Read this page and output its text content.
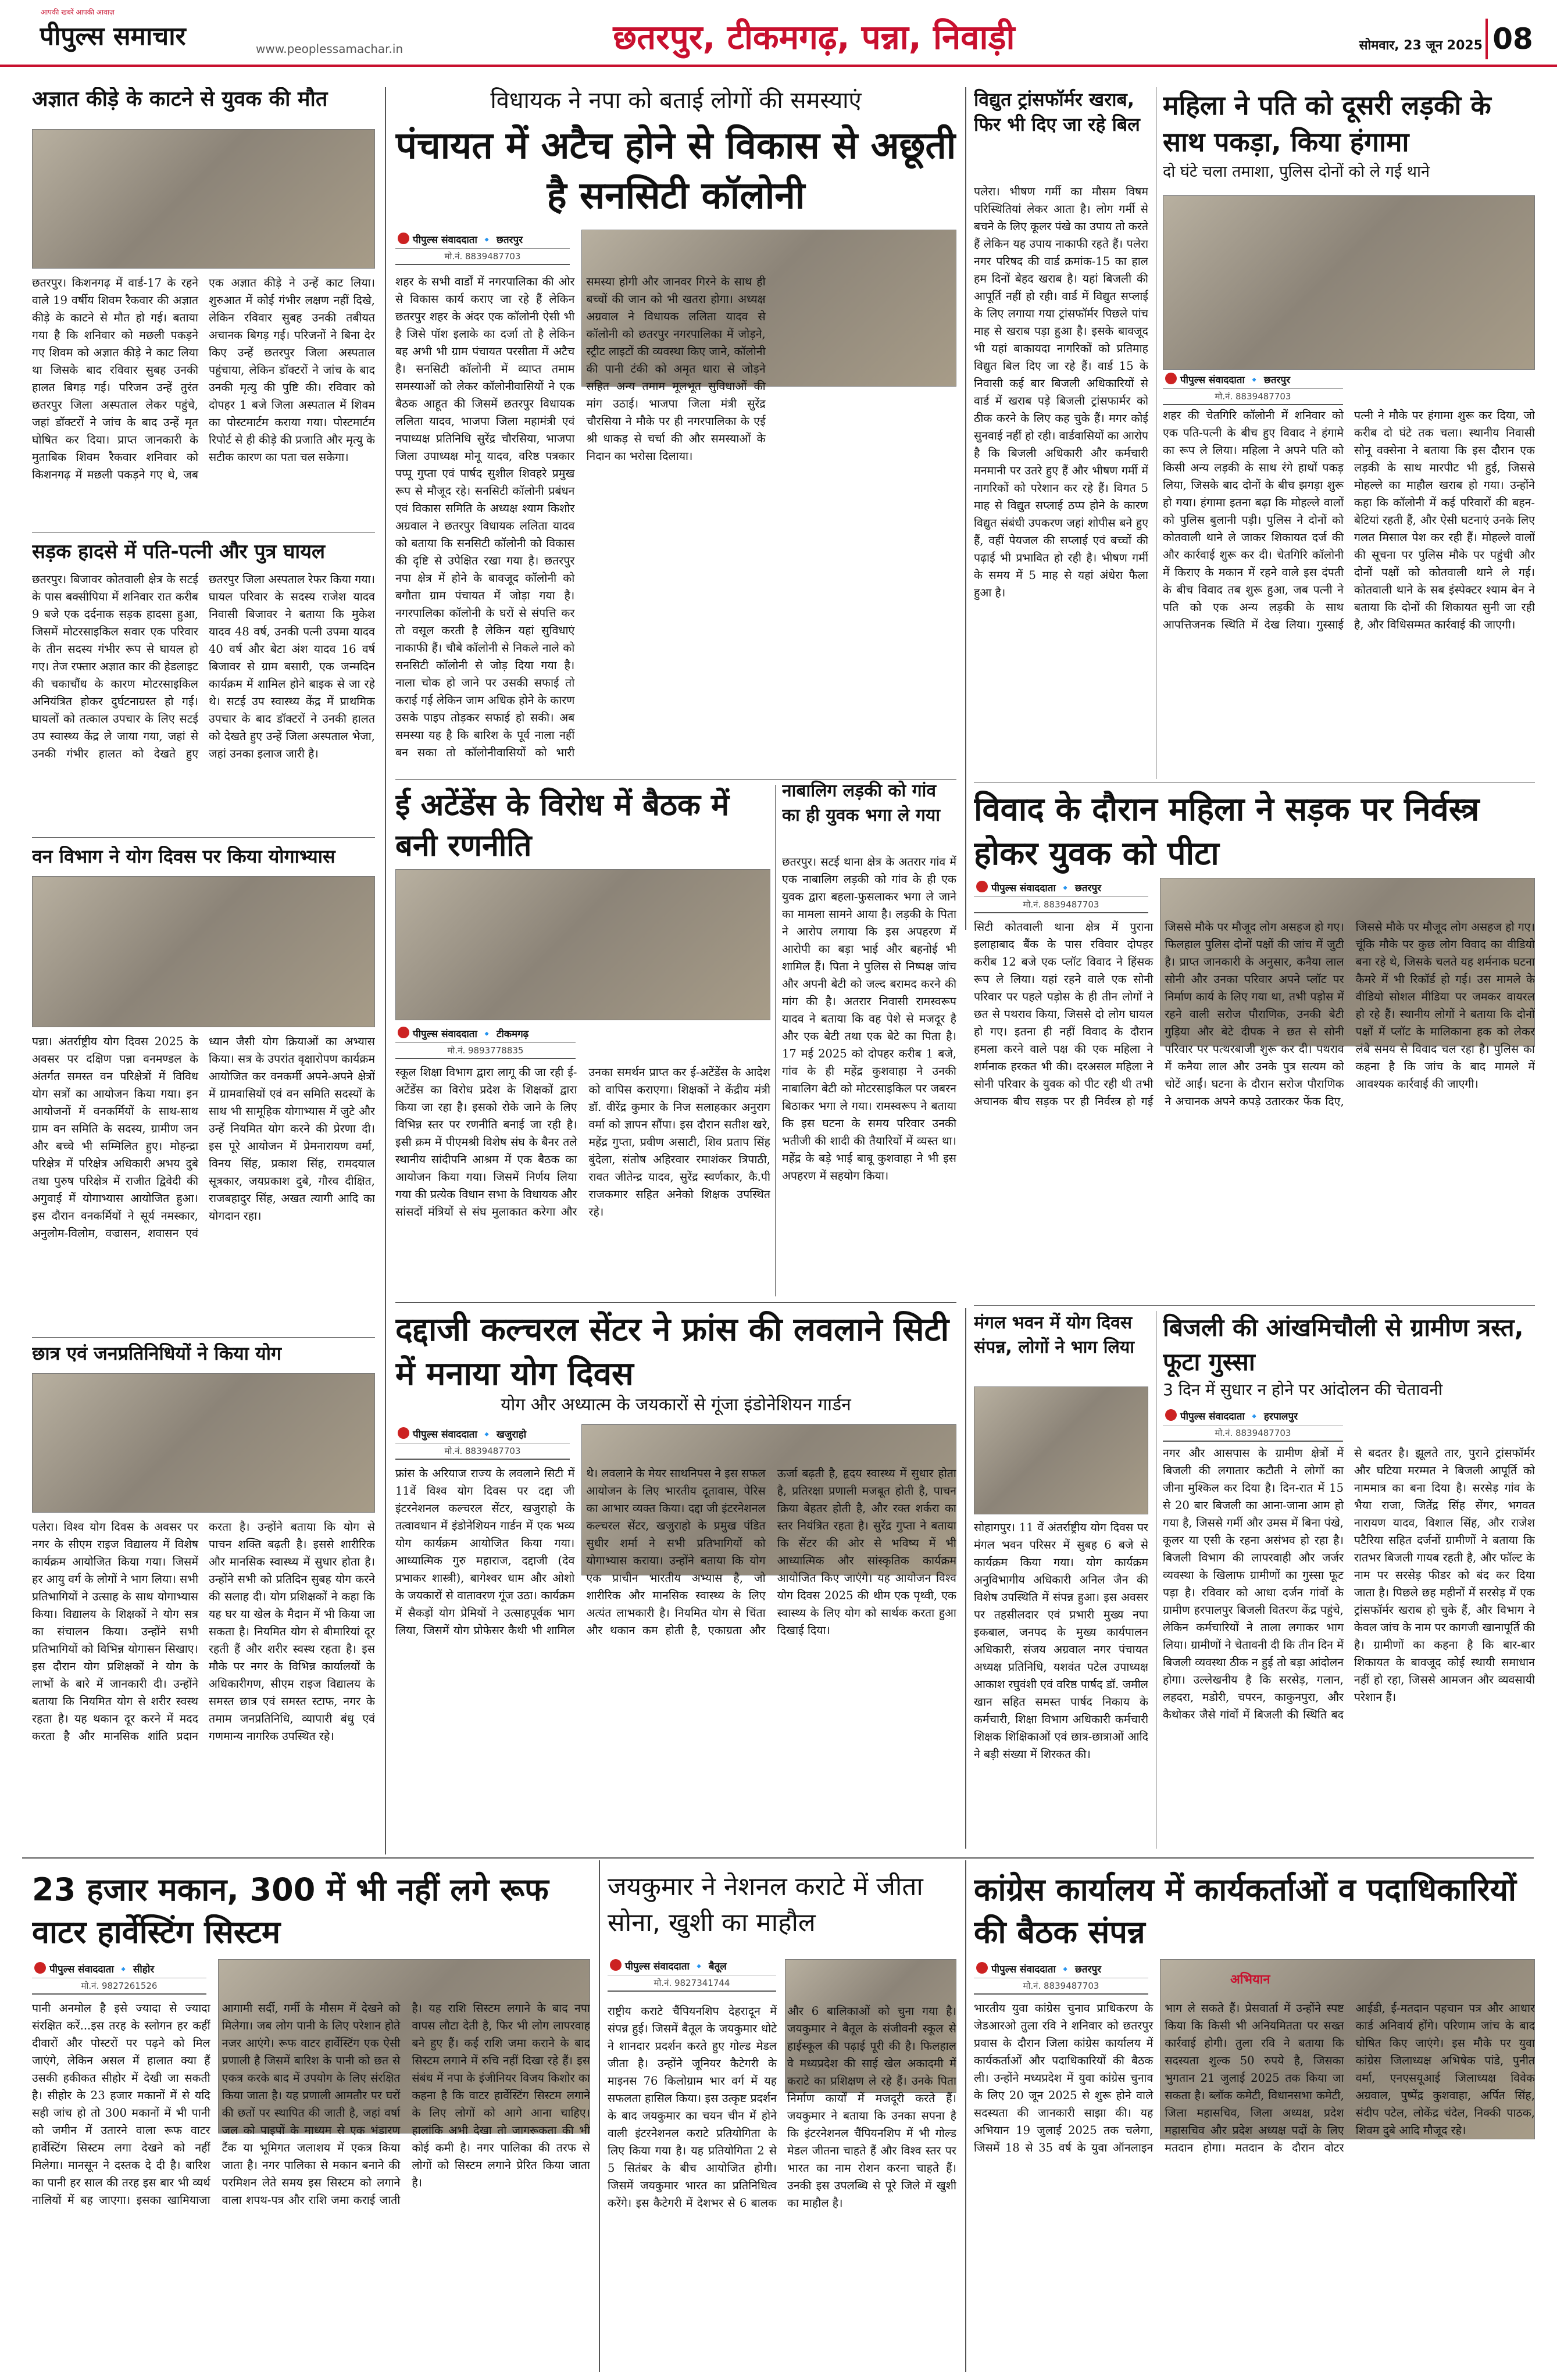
पीपुल्स समाचार
आपकी खबरें आपकी आवाज़
www.peoplessamachar.in	छतरपुर, टीकमगढ़, पन्ना, निवाड़ी	सोमवार, 23 जून 2025 08
अज्ञात कीड़े के काटने से युवक की मौत
छतरपुर। किशनगढ़ में वार्ड-17 के रहने वाले 19 वर्षीय शिवम रैकवार की अज्ञात कीड़े के काटने से मौत हो गई। बताया गया है कि शनिवार को मछली पकड़ने गए शिवम को अज्ञात कीड़े ने काट लिया था जिसके बाद रविवार सुबह उनकी हालत बिगड़ गई। परिजन उन्हें तुरंत छतरपुर जिला अस्पताल लेकर पहुंचे, जहां डॉक्टरों ने जांच के बाद उन्हें मृत घोषित कर दिया। प्राप्त जानकारी के मुताबिक शिवम रैकवार शनिवार को किशनगढ़ में मछली पकड़ने गए थे, जब एक अज्ञात कीड़े ने उन्हें काट लिया। शुरुआत में कोई गंभीर लक्षण नहीं दिखे, लेकिन रविवार सुबह उनकी तबीयत अचानक बिगड़ गई। परिजनों ने बिना देर किए उन्हें छतरपुर जिला अस्पताल पहुंचाया, लेकिन डॉक्टरों ने जांच के बाद उनकी मृत्यु की पुष्टि की। रविवार को दोपहर 1 बजे जिला अस्पताल में शिवम का पोस्टमार्टम कराया गया। पोस्टमार्टम रिपोर्ट से ही कीड़े की प्रजाति और मृत्यु के सटीक कारण का पता चल सकेगा।
सड़क हादसे में पति-पत्नी और पुत्र घायल
छतरपुर। बिजावर कोतवाली क्षेत्र के सटई के पास बक्सीपिया में शनिवार रात करीब 9 बजे एक दर्दनाक सड़क हादसा हुआ, जिसमें मोटरसाइकिल सवार एक परिवार के तीन सदस्य गंभीर रूप से घायल हो गए। तेज रफ्तार अज्ञात कार की हेडलाइट की चकाचौंध के कारण मोटरसाइकिल अनियंत्रित होकर दुर्घटनाग्रस्त हो गई। घायलों को तत्काल उपचार के लिए सटई उप स्वास्थ्य केंद्र ले जाया गया, जहां से उनकी गंभीर हालत को देखते हुए छतरपुर जिला अस्पताल रेफर किया गया। घायल परिवार के सदस्य राजेश यादव निवासी बिजावर ने बताया कि मुकेश यादव 48 वर्ष, उनकी पत्नी उपमा यादव 40 वर्ष और बेटा अंश यादव 16 वर्ष बिजावर से ग्राम बसारी, एक जन्मदिन कार्यक्रम में शामिल होने बाइक से जा रहे थे। सटई उप स्वास्थ्य केंद्र में प्राथमिक उपचार के बाद डॉक्टरों ने उनकी हालत को देखते हुए उन्हें जिला अस्पताल भेजा, जहां उनका इलाज जारी है।
वन विभाग ने योग दिवस पर किया योगाभ्यास
पन्ना। अंतर्राष्ट्रीय योग दिवस 2025 के अवसर पर दक्षिण पन्ना वनमण्डल के अंतर्गत समस्त वन परिक्षेत्रों में विविध योग सत्रों का आयोजन किया गया। इन आयोजनों में वनकर्मियों के साथ-साथ ग्राम वन समिति के सदस्य, ग्रामीण जन और बच्चे भी सम्मिलित हुए। मोहन्द्रा परिक्षेत्र में परिक्षेत्र अधिकारी अभय दुबे तथा पुरुष परिक्षेत्र में राजीत द्विवेदी की अगुवाई में योगाभ्यास आयोजित हुआ। इस दौरान वनकर्मियों ने सूर्य नमस्कार, अनुलोम-विलोम, वज्रासन, शवासन एवं ध्यान जैसी योग क्रियाओं का अभ्यास किया। सत्र के उपरांत वृक्षारोपण कार्यक्रम आयोजित कर वनकर्मी अपने-अपने क्षेत्रों में ग्रामवासियों एवं वन समिति सदस्यों के साथ भी सामूहिक योगाभ्यास में जुटे और उन्हें नियमित योग करने की प्रेरणा दी। इस पूरे आयोजन में प्रेमनारायण वर्मा, विनय सिंह, प्रकाश सिंह, रामदयाल सूत्रकार, जयप्रकाश दुबे, गौरव दीक्षित, राजबहादुर सिंह, अखत त्यागी आदि का योगदान रहा।
छात्र एवं जनप्रतिनिधियों ने किया योग
पलेरा। विश्व योग दिवस के अवसर पर नगर के सीएम राइज विद्यालय में विशेष कार्यक्रम आयोजित किया गया। जिसमें हर आयु वर्ग के लोगों ने भाग लिया। सभी प्रतिभागियों ने उत्साह के साथ योगाभ्यास किया। विद्यालय के शिक्षकों ने योग सत्र का संचालन किया। उन्होंने सभी प्रतिभागियों को विभिन्न योगासन सिखाए। इस दौरान योग प्रशिक्षकों ने योग के लाभों के बारे में जानकारी दी। उन्होंने बताया कि नियमित योग से शरीर स्वस्थ रहता है। यह थकान दूर करने में मदद करता है और मानसिक शांति प्रदान करता है। उन्होंने बताया कि योग से पाचन शक्ति बढ़ती है। इससे शारीरिक और मानसिक स्वास्थ्य में सुधार होता है। उन्होंने सभी को प्रतिदिन सुबह योग करने की सलाह दी। योग प्रशिक्षकों ने कहा कि यह घर या खेल के मैदान में भी किया जा सकता है। नियमित योग से बीमारियां दूर रहती हैं और शरीर स्वस्थ रहता है। इस मौके पर नगर के विभिन्न कार्यालयों के अधिकारीगण, सीएम राइज विद्यालय के समस्त छात्र एवं समस्त स्टाफ, नगर के तमाम जनप्रतिनिधि, व्यापारी बंधु एवं गणमान्य नागरिक उपस्थित रहे।
विधायक ने नपा को बताई लोगों की समस्याएं
पंचायत में अटैच होने से विकास से अछूती है सनसिटी कॉलोनी
पीपुल्स संवाददाता 🔹 छतरपुर
मो.नं. 8839487703
शहर के सभी वार्डों में नगरपालिका की ओर से विकास कार्य कराए जा रहे हैं लेकिन छतरपुर शहर के अंदर एक कॉलोनी ऐसी भी है जिसे पॉश इलाके का दर्जा तो है लेकिन बह अभी भी ग्राम पंचायत परसीता में अटैच है। सनसिटी कॉलोनी में व्याप्त तमाम समस्याओं को लेकर कॉलोनीवासियों ने एक बैठक आहूत की जिसमें छतरपुर विधायक ललिता यादव, भाजपा जिला महामंत्री एवं नपाध्यक्ष प्रतिनिधि सुरेंद्र चौरसिया, भाजपा जिला उपाध्यक्ष मोनू यादव, वरिष्ठ पत्रकार पप्पू गुप्ता एवं पार्षद सुशील शिवहरे प्रमुख रूप से मौजूद रहे। सनसिटी कॉलोनी प्रबंधन एवं विकास समिति के अध्यक्ष श्याम किशोर अग्रवाल ने छतरपुर विधायक ललिता यादव को बताया कि सनसिटी कॉलोनी को विकास की दृष्टि से उपेक्षित रखा गया है। छतरपुर नपा क्षेत्र में होने के बावजूद कॉलोनी को बगौता ग्राम पंचायत में जोड़ा गया है। नगरपालिका कॉलोनी के घरों से संपत्ति कर तो वसूल करती है लेकिन यहां सुविधाएं नाकाफी हैं। चौबे कॉलोनी से निकले नाले को सनसिटी कॉलोनी से जोड़ दिया गया है। नाला चोक हो जाने पर उसकी सफाई तो कराई गई लेकिन जाम अधिक होने के कारण उसके पाइप तोड़कर सफाई हो सकी। अब समस्या यह है कि बारिश के पूर्व नाला नहीं बन सका तो कॉलोनीवासियों को भारी समस्या होगी और जानवर गिरने के साथ ही बच्चों की जान को भी खतरा होगा। अध्यक्ष अग्रवाल ने विधायक ललिता यादव से कॉलोनी को छतरपुर नगरपालिका में जोड़ने, स्ट्रीट लाइटों की व्यवस्था किए जाने, कॉलोनी की पानी टंकी को अमृत धारा से जोड़ने सहित अन्य तमाम मूलभूत सुविधाओं की मांग उठाई। भाजपा जिला मंत्री सुरेंद्र चौरसिया ने मौके पर ही नगरपालिका के एई श्री धाकड़ से चर्चा की और समस्याओं के निदान का भरोसा दिलाया।
ई अटेंडेंस के विरोध में बैठक में बनी रणनीति
पीपुल्स संवाददाता 🔹 टीकमगढ़
मो.नं. 9893778835
स्कूल शिक्षा विभाग द्वारा लागू की जा रही ई-अटेंडेंस का विरोध प्रदेश के शिक्षकों द्वारा किया जा रहा है। इसको रोके जाने के लिए विभिन्न स्तर पर रणनीति बनाई जा रही है। इसी क्रम में पीएमश्री विशेष संघ के बैनर तले स्थानीय सांदीपनि आश्रम में एक बैठक का आयोजन किया गया। जिसमें निर्णय लिया गया की प्रत्येक विधान सभा के विधायक और सांसदों मंत्रियों से संघ मुलाकात करेगा और उनका समर्थन प्राप्त कर ई-अटेंडेंस के आदेश को वापिस कराएगा। शिक्षकों ने केंद्रीय मंत्री डॉ. वीरेंद्र कुमार के निज सलाहकार अनुराग वर्मा को ज्ञापन सौंपा। इस दौरान सतीश खरे, महेंद्र गुप्ता, प्रवीण असाटी, शिव प्रताप सिंह बुंदेला, संतोष अहिरवार रमाशंकर त्रिपाठी, रावत जीतेन्द्र यादव, सुरेंद्र स्वर्णकार, कै.पी राजकमार सहित अनेको शिक्षक उपस्थित रहे।
नाबालिग लड़की को गांव का ही युवक भगा ले गया
छतरपुर। सटई थाना क्षेत्र के अतरार गांव में एक नाबालिग लड़की को गांव के ही एक युवक द्वारा बहला-फुसलाकर भगा ले जाने का मामला सामने आया है। लड़की के पिता ने आरोप लगाया कि इस अपहरण में आरोपी का बड़ा भाई और बहनोई भी शामिल हैं। पिता ने पुलिस से निष्पक्ष जांच और अपनी बेटी को जल्द बरामद करने की मांग की है। अतरार निवासी रामस्वरूप यादव ने बताया कि वह पेशे से मजदूर है और एक बेटी तथा एक बेटे का पिता है। 17 मई 2025 को दोपहर करीब 1 बजे, गांव के ही महेंद्र कुशवाहा ने उनकी नाबालिग बेटी को मोटरसाइकिल पर जबरन बिठाकर भगा ले गया। रामस्वरूप ने बताया कि इस घटना के समय परिवार उनकी भतीजी की शादी की तैयारियों में व्यस्त था। महेंद्र के बड़े भाई बाबू कुशवाहा ने भी इस अपहरण में सहयोग किया।
दद्दाजी कल्चरल सेंटर ने फ्रांस की लवलाने सिटी में मनाया योग दिवस
योग और अध्यात्म के जयकारों से गूंजा इंडोनेशियन गार्डन
पीपुल्स संवाददाता 🔹 खजुराहो
मो.नं. 8839487703
फ्रांस के अरियाज राज्य के लवलाने सिटी में 11वें विश्व योग दिवस पर दद्दा जी इंटरनेशनल कल्चरल सेंटर, खजुराहो के तत्वावधान में इंडोनेशियन गार्डन में एक भव्य योग कार्यक्रम आयोजित किया गया। आध्यात्मिक गुरु महाराज, दद्दाजी (देव प्रभाकर शास्त्री), बागेश्वर धाम और ओशो के जयकारों से वातावरण गूंज उठा। कार्यक्रम में सैकड़ों योग प्रेमियों ने उत्साहपूर्वक भाग लिया, जिसमें योग प्रोफेसर कैथी भी शामिल थे। लवलाने के मेयर साथनिपस ने इस सफल आयोजन के लिए भारतीय दूतावास, पेरिस का आभार व्यक्त किया। दद्दा जी इंटरनेशनल कल्चरल सेंटर, खजुराहो के प्रमुख पंडित सुधीर शर्मा ने सभी प्रतिभागियों को योगाभ्यास कराया। उन्होंने बताया कि योग एक प्राचीन भारतीय अभ्यास है, जो शारीरिक और मानसिक स्वास्थ्य के लिए अत्यंत लाभकारी है। नियमित योग से चिंता और थकान कम होती है, एकाग्रता और ऊर्जा बढ़ती है, हृदय स्वास्थ्य में सुधार होता है, प्रतिरक्षा प्रणाली मजबूत होती है, पाचन क्रिया बेहतर होती है, और रक्त शर्करा का स्तर नियंत्रित रहता है। सुरेंद्र गुप्ता ने बताया कि सेंटर की ओर से भविष्य में भी आध्यात्मिक और सांस्कृतिक कार्यक्रम आयोजित किए जाएंगे। यह आयोजन विश्व योग दिवस 2025 की थीम एक पृथ्वी, एक स्वास्थ्य के लिए योग को सार्थक करता हुआ दिखाई दिया।
विद्युत ट्रांसफॉर्मर खराब, फिर भी दिए जा रहे बिल
पलेरा। भीषण गर्मी का मौसम विषम परिस्थितियां लेकर आता है। लोग गर्मी से बचने के लिए कूलर पंखे का उपाय तो करते हैं लेकिन यह उपाय नाकाफी रहते हैं। पलेरा नगर परिषद की वार्ड क्रमांक-15 का हाल हम दिनों बेहद खराब है। यहां बिजली की आपूर्ति नहीं हो रही। वार्ड में विद्युत सप्लाई के लिए लगाया गया ट्रांसफॉर्मर पिछले पांच माह से खराब पड़ा हुआ है। इसके बावजूद भी यहां बाकायदा नागरिकों को प्रतिमाह विद्युत बिल दिए जा रहे हैं। वार्ड 15 के निवासी कई बार बिजली अधिकारियों से वार्ड में खराब पड़े बिजली ट्रांसफार्मर को ठीक करने के लिए कह चुके हैं। मगर कोई सुनवाई नहीं हो रही। वार्डवासियों का आरोप है कि बिजली अधिकारी और कर्मचारी मनमानी पर उतरे हुए हैं और भीषण गर्मी में नागरिकों को परेशान कर रहे हैं। विगत 5 माह से विद्युत सप्लाई ठप्प होने के कारण विद्युत संबंधी उपकरण जहां शोपीस बने हुए हैं, वहीं पेयजल की सप्लाई एवं बच्चों की पढ़ाई भी प्रभावित हो रही है। भीषण गर्मी के समय में 5 माह से यहां अंधेरा फैला हुआ है।
महिला ने पति को दूसरी लड़की के साथ पकड़ा, किया हंगामा
दो घंटे चला तमाशा, पुलिस दोनों को ले गई थाने
पीपुल्स संवाददाता 🔹 छतरपुर
मो.नं. 8839487703
शहर की चेतगिरि कॉलोनी में शनिवार को एक पति-पत्नी के बीच हुए विवाद ने हंगामे का रूप ले लिया। महिला ने अपने पति को किसी अन्य लड़की के साथ रंगे हाथों पकड़ लिया, जिसके बाद दोनों के बीच झगड़ा शुरू हो गया। हंगामा इतना बढ़ा कि मोहल्ले वालों को पुलिस बुलानी पड़ी। पुलिस ने दोनों को कोतवाली थाने ले जाकर शिकायत दर्ज की और कार्रवाई शुरू कर दी। चेतगिरि कॉलोनी में किराए के मकान में रहने वाले इस दंपती के बीच विवाद तब शुरू हुआ, जब पत्नी ने पति को एक अन्य लड़की के साथ आपत्तिजनक स्थिति में देख लिया। गुस्साई पत्नी ने मौके पर हंगामा शुरू कर दिया, जो करीब दो घंटे तक चला। स्थानीय निवासी सोनू वक्सेना ने बताया कि इस दौरान एक लड़की के साथ मारपीट भी हुई, जिससे मोहल्ले का माहौल खराब हो गया। उन्होंने कहा कि कॉलोनी में कई परिवारों की बहन-बेटियां रहती हैं, और ऐसी घटनाएं उनके लिए गलत मिसाल पेश कर रही हैं। मोहल्ले वालों की सूचना पर पुलिस मौके पर पहुंची और दोनों पक्षों को कोतवाली थाने ले गई। कोतवाली थाने के सब इंस्पेक्टर श्याम बेन ने बताया कि दोनों की शिकायत सुनी जा रही है, और विधिसम्मत कार्रवाई की जाएगी।
विवाद के दौरान महिला ने सड़क पर निर्वस्त्र होकर युवक को पीटा
पीपुल्स संवाददाता 🔹 छतरपुर
मो.नं. 8839487703
सिटी कोतवाली थाना क्षेत्र में पुराना इलाहाबाद बैंक के पास रविवार दोपहर करीब 12 बजे एक प्लॉट विवाद ने हिंसक रूप ले लिया। यहां रहने वाले एक सोनी परिवार पर पहले पड़ोस के ही तीन लोगों ने छत से पथराव किया, जिससे दो लोग घायल हो गए। इतना ही नहीं विवाद के दौरान हमला करने वाले पक्ष की एक महिला ने शर्मनाक हरकत भी की। दरअसल महिला ने सोनी परिवार के युवक को पीट रही थी तभी अचानक बीच सड़क पर ही निर्वस्त्र हो गई जिससे मौके पर मौजूद लोग असहज हो गए। फिलहाल पुलिस दोनों पक्षों की जांच में जुटी है। प्राप्त जानकारी के अनुसार, कनैया लाल सोनी और उनका परिवार अपने प्लॉट पर निर्माण कार्य के लिए गया था, तभी पड़ोस में रहने वाली सरोज पौराणिक, उनकी बेटी गुड़िया और बेटे दीपक ने छत से सोनी परिवार पर पत्थरबाजी शुरू कर दी। पथराव में कनैया लाल और उनके पुत्र सत्यम को चोटें आईं। घटना के दौरान सरोज पौराणिक ने अचानक अपने कपड़े उतारकर फेंक दिए, जिससे मौके पर मौजूद लोग असहज हो गए। चूंकि मौके पर कुछ लोग विवाद का वीडियो बना रहे थे, जिसके चलते यह शर्मनाक घटना कैमरे में भी रिकॉर्ड हो गई। उस मामले के वीडियो सोशल मीडिया पर जमकर वायरल हो रहे हैं। स्थानीय लोगों ने बताया कि दोनों पक्षों में प्लॉट के मालिकाना हक को लेकर लंबे समय से विवाद चल रहा है। पुलिस का कहना है कि जांच के बाद मामले में आवश्यक कार्रवाई की जाएगी।
मंगल भवन में योग दिवस संपन्न, लोगों ने भाग लिया
सोहागपुर। 11 वें अंतर्राष्ट्रीय योग दिवस पर मंगल भवन परिसर में सुबह 6 बजे से कार्यक्रम किया गया। योग कार्यक्रम अनुविभागीय अधिकारी अनिल जैन की विशेष उपस्थिति में संपन्न हुआ। इस अवसर पर तहसीलदार एवं प्रभारी मुख्य नपा इकबाल, जनपद के मुख्य कार्यपालन अधिकारी, संजय अग्रवाल नगर पंचायत अध्यक्ष प्रतिनिधि, यशवंत पटेल उपाध्यक्ष आकाश रघुवंशी एवं वरिष्ठ पार्षद डॉ. जमील खान सहित समस्त पार्षद निकाय के कर्मचारी, शिक्षा विभाग अधिकारी कर्मचारी शिक्षक शिक्षिकाओं एवं छात्र-छात्राओं आदि ने बड़ी संख्या में शिरकत की।
बिजली की आंखमिचौली से ग्रामीण त्रस्त, फूटा गुस्सा
3 दिन में सुधार न होने पर आंदोलन की चेतावनी
पीपुल्स संवाददाता 🔹 हरपालपुर
मो.नं. 8839487703
नगर और आसपास के ग्रामीण क्षेत्रों में बिजली की लगातार कटौती ने लोगों का जीना मुश्किल कर दिया है। दिन-रात में 15 से 20 बार बिजली का आना-जाना आम हो गया है, जिससे गर्मी और उमस में बिना पंखे, कूलर या एसी के रहना असंभव हो रहा है। बिजली विभाग की लापरवाही और जर्जर व्यवस्था के खिलाफ ग्रामीणों का गुस्सा फूट पड़ा है। रविवार को आधा दर्जन गांवों के ग्रामीण हरपालपुर बिजली वितरण केंद्र पहुंचे, लेकिन कर्मचारियों ने ताला लगाकर भाग लिया। ग्रामीणों ने चेतावनी दी कि तीन दिन में बिजली व्यवस्था ठीक न हुई तो बड़ा आंदोलन होगा। उल्लेखनीय है कि सरसेड़, गलान, लहदरा, मडोरी, चपरन, काकुनपुरा, और कैथोकर जैसे गांवों में बिजली की स्थिति बद से बदतर है। झूलते तार, पुराने ट्रांसफॉर्मर और घटिया मरम्मत ने बिजली आपूर्ति को नाममात्र का बना दिया है। सरसेड़ गांव के भैया राजा, जितेंद्र सिंह सेंगर, भगवत नारायण यादव, विशाल सिंह, और राजेश पटैरिया सहित दर्जनों ग्रामीणों ने बताया कि रातभर बिजली गायब रहती है, और फॉल्ट के नाम पर सरसेड़ फीडर को बंद कर दिया जाता है। पिछले छह महीनों में सरसेड़ में एक ट्रांसफॉर्मर खराब हो चुके हैं, और विभाग ने केवल जांच के नाम पर कागजी खानापूर्ति की है। ग्रामीणों का कहना है कि बार-बार शिकायत के बावजूद कोई स्थायी समाधान नहीं हो रहा, जिससे आमजन और व्यवसायी परेशान हैं।
23 हजार मकान, 300 में भी नहीं लगे रूफ वाटर हार्वेस्टिंग सिस्टम
पीपुल्स संवाददाता 🔹 सीहोर
मो.नं. 9827261526
पानी अनमोल है इसे ज्यादा से ज्यादा संरक्षित करें...इस तरह के स्लोगन हर कहीं दीवारों और पोस्टरों पर पढ़ने को मिल जाएंगे, लेकिन असल में हालात क्या हैं उसकी हकीकत सीहोर में देखी जा सकती है। सीहोर के 23 हजार मकानों में से यदि सही जांच हो तो 300 मकानों में भी पानी को जमीन में उतारने वाला रूफ वाटर हार्वेस्टिंग सिस्टम लगा देखने को नहीं मिलेगा। मानसून ने दस्तक दे दी है। बारिश का पानी हर साल की तरह इस बार भी व्यर्थ नालियों में बह जाएगा। इसका खामियाजा आगामी सर्दी, गर्मी के मौसम में देखने को मिलेगा। जब लोग पानी के लिए परेशान होते नजर आएंगे। रूफ वाटर हार्वेस्टिंग एक ऐसी प्रणाली है जिसमें बारिश के पानी को छत से एकत्र करके बाद में उपयोग के लिए संरक्षित किया जाता है। यह प्रणाली आमतौर पर घरों की छतों पर स्थापित की जाती है, जहां वर्षा जल को पाइपों के माध्यम से एक भंडारण टैंक या भूमिगत जलाशय में एकत्र किया जाता है। नगर पालिका से मकान बनाने की परमिशन लेते समय इस सिस्टम को लगाने वाला शपथ-पत्र और राशि जमा कराई जाती है। यह राशि सिस्टम लगाने के बाद नपा वापस लौटा देती है, फिर भी लोग लापरवाह बने हुए हैं। कई राशि जमा कराने के बाद सिस्टम लगाने में रुचि नहीं दिखा रहे हैं। इस संबंध में नपा के इंजीनियर विजय किशोर का कहना है कि वाटर हार्वेस्टिंग सिस्टम लगाने के लिए लोगों को आगे आना चाहिए। हालांकि अभी देखा तो जागरूकता की भी कोई कमी है। नगर पालिका की तरफ से लोगों को सिस्टम लगाने प्रेरित किया जाता है।
जयकुमार ने नेशनल कराटे में जीता सोना, खुशी का माहौल
पीपुल्स संवाददाता 🔹 बैतूल
मो.नं. 9827341744
राष्ट्रीय कराटे चैंपियनशिप देहरादून में संपन्न हुई। जिसमें बैतूल के जयकुमार धोटे ने शानदार प्रदर्शन करते हुए गोल्ड मेडल जीता है। उन्होंने जूनियर कैटेगरी के माइनस 76 किलोग्राम भार वर्ग में यह सफलता हासिल किया। इस उत्कृष्ट प्रदर्शन के बाद जयकुमार का चयन चीन में होने वाली इंटरनेशनल कराटे प्रतियोगिता के लिए किया गया है। यह प्रतियोगिता 2 से 5 सितंबर के बीच आयोजित होगी। जिसमें जयकुमार भारत का प्रतिनिधित्व करेंगे। इस कैटेगरी में देशभर से 6 बालक और 6 बालिकाओं को चुना गया है। जयकुमार ने बैतूल के संजीवनी स्कूल से हाईस्कूल की पढ़ाई पूरी की है। फिलहाल वे मध्यप्रदेश की साई खेल अकादमी में कराटे का प्रशिक्षण ले रहे हैं। उनके पिता निर्माण कार्यों में मजदूरी करते हैं। जयकुमार ने बताया कि उनका सपना है कि इंटरनेशनल चैंपियनशिप में भी गोल्ड मेडल जीतना चाहते हैं और विश्व स्तर पर भारत का नाम रोशन करना चाहते हैं। उनकी इस उपलब्धि से पूरे जिले में खुशी का माहौल है।
कांग्रेस कार्यालय में कार्यकर्ताओं व पदाधिकारियों की बैठक संपन्न
पीपुल्स संवाददाता 🔹 छतरपुर
मो.नं. 8839487703	अभियान
भारतीय युवा कांग्रेस चुनाव प्राधिकरण के जेडआरओ तुला रवि ने शनिवार को छतरपुर प्रवास के दौरान जिला कांग्रेस कार्यालय में कार्यकर्ताओं और पदाधिकारियों की बैठक ली। उन्होंने मध्यप्रदेश में युवा कांग्रेस चुनाव के लिए 20 जून 2025 से शुरू होने वाले सदस्यता की जानकारी साझा की। यह अभियान 19 जुलाई 2025 तक चलेगा, जिसमें 18 से 35 वर्ष के युवा ऑनलाइन भाग ले सकते हैं। प्रेसवार्ता में उन्होंने स्पष्ट किया कि किसी भी अनियमितता पर सख्त कार्रवाई होगी। तुला रवि ने बताया कि सदस्यता शुल्क 50 रुपये है, जिसका भुगतान 21 जुलाई 2025 तक किया जा सकता है। ब्लॉक कमेटी, विधानसभा कमेटी, जिला महासचिव, जिला अध्यक्ष, प्रदेश महासचिव और प्रदेश अध्यक्ष पदों के लिए मतदान होगा। मतदान के दौरान वोटर आईडी, ई-मतदान पहचान पत्र और आधार कार्ड अनिवार्य होंगे। परिणाम जांच के बाद घोषित किए जाएंगे। इस मौके पर युवा कांग्रेस जिलाध्यक्ष अभिषेक पांडे, पुनीत वर्मा, एनएसयूआई जिलाध्यक्ष विवेक अग्रवाल, पुष्पेंद्र कुशवाहा, अर्पित सिंह, संदीप पटेल, लोकेंद्र चंदेल, निक्की पाठक, शिवम दुबे आदि मौजूद रहे।
